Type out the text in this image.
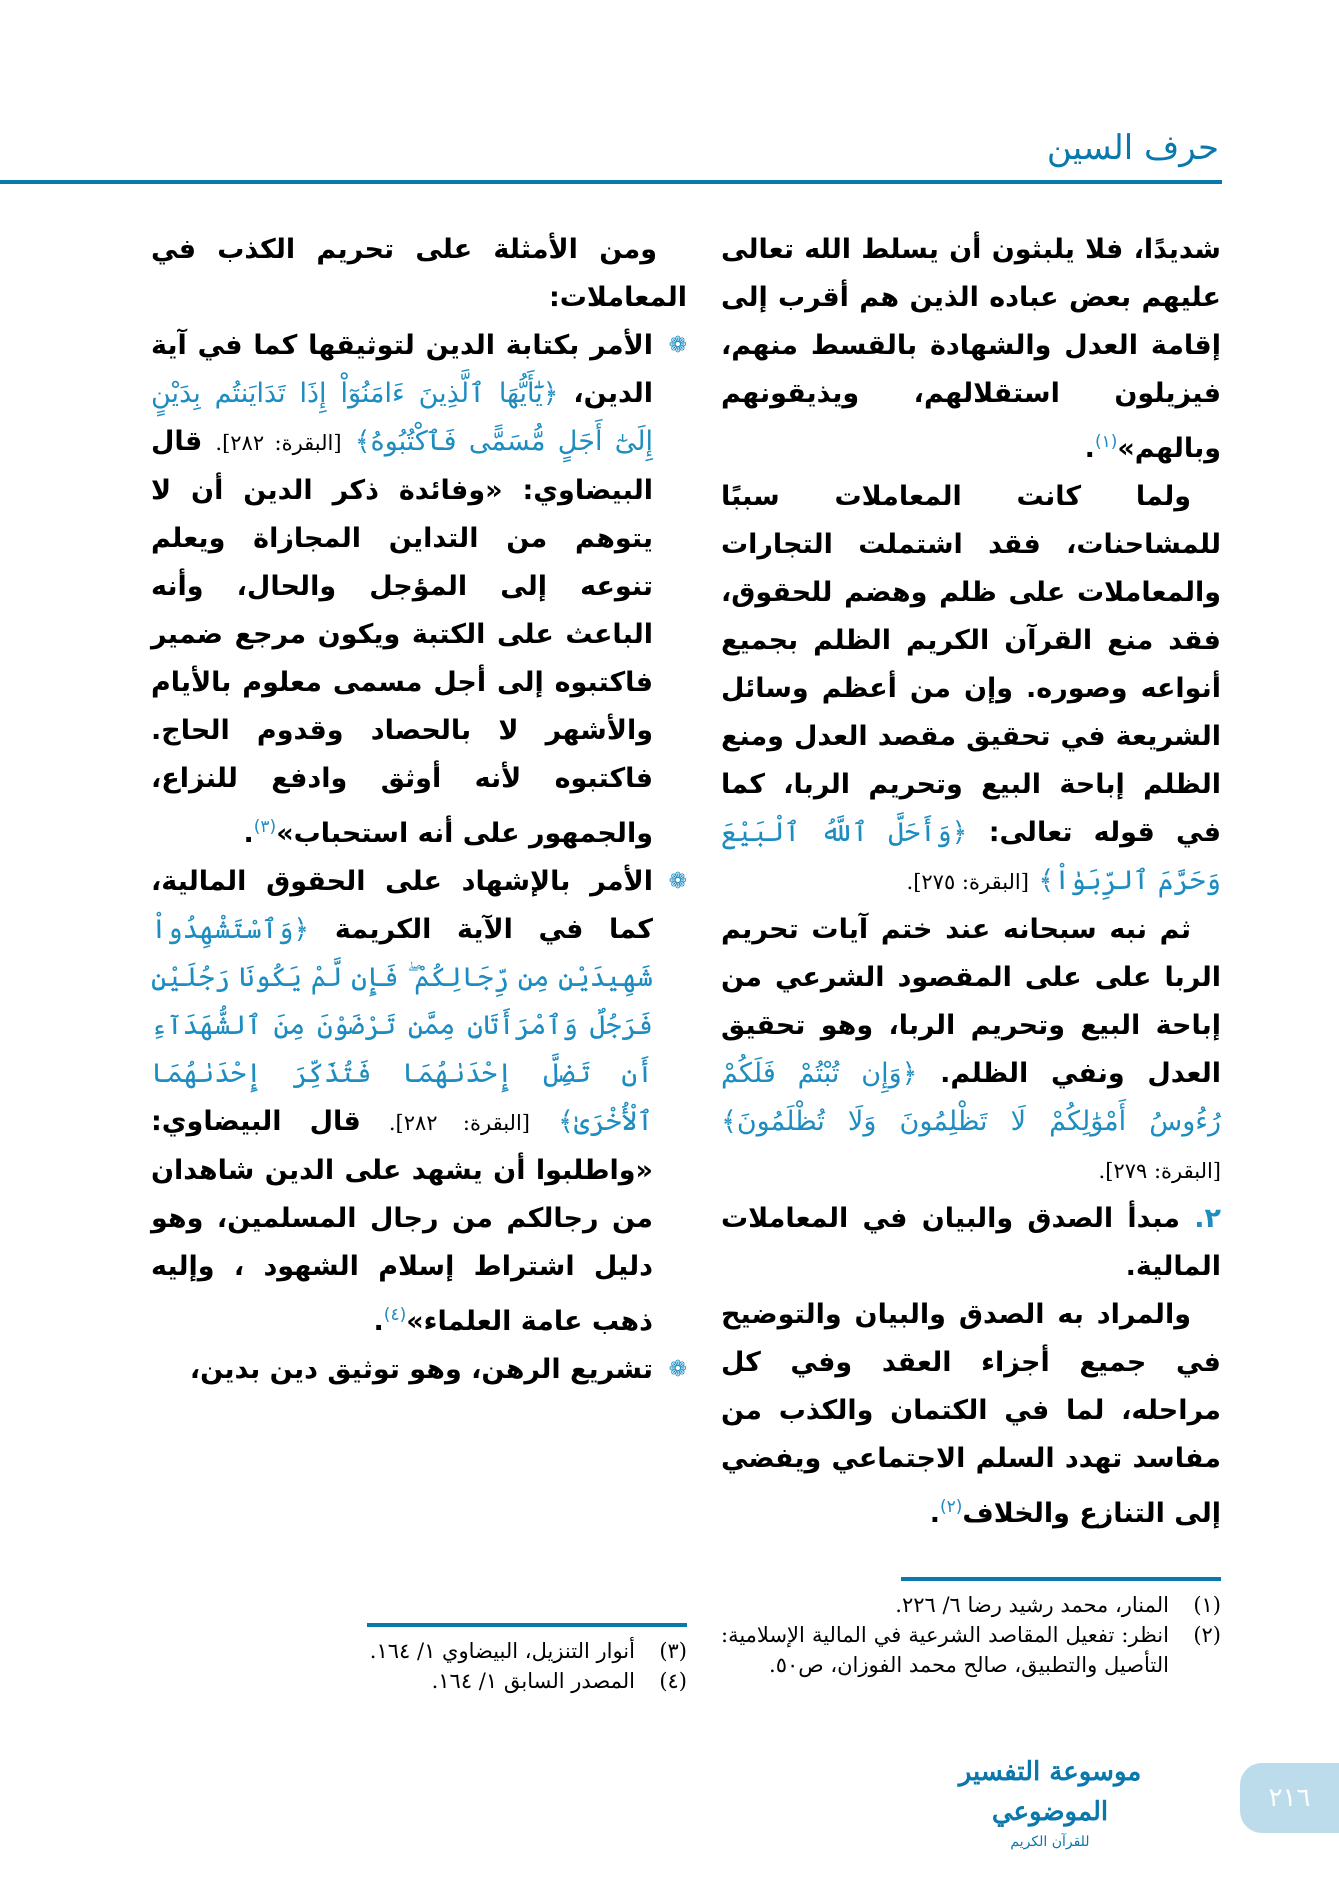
حرف السين

شديدًا، فلا يلبثون أن يسلط الله تعالى عليهم بعض عباده الذين هم أقرب إلى إقامة العدل والشهادة بالقسط منهم، فيزيلون استقلالهم، ويذيقونهم وبالهم»$^{(١)}$.

ولما كانت المعاملات سببًا للمشاحنات، فقد اشتملت التجارات والمعاملات على ظلم وهضم للحقوق، فقد منع القرآن الكريم الظلم بجميع أنواعه وصوره. وإن من أعظم وسائل الشريعة في تحقيق مقصد العدل ومنع الظلم إباحة البيع وتحريم الربا، كما في قوله تعالى: ﴿وَأَحَلَّ ٱللَّهُ ٱلْبَيْعَ وَحَرَّمَ ٱلرِّبَوٰاْ﴾ [البقرة: ٢٧٥].

ثم نبه سبحانه عند ختم آيات تحريم الربا على على المقصود الشرعي من إباحة البيع وتحريم الربا، وهو تحقيق العدل ونفي الظلم. ﴿وَإِن تُبْتُمْ فَلَكُمْ رُءُوسُ أَمْوَٰلِكُمْ لَا تَظْلِمُونَ وَلَا تُظْلَمُونَ﴾ [البقرة: ٢٧٩].

٢. مبدأ الصدق والبيان في المعاملات المالية.

والمراد به الصدق والبيان والتوضيح في جميع أجزاء العقد وفي كل مراحله، لما في الكتمان والكذب من مفاسد تهدد السلم الاجتماعي ويفضي إلى التنازع والخلاف$^{(٢)}$.

ومن الأمثلة على تحريم الكذب في المعاملات:

❁
الأمر بكتابة الدين لتوثيقها كما في آية الدين، ﴿يَٰٓأَيُّهَا ٱلَّذِينَ ءَامَنُوٓاْ إِذَا تَدَايَنتُم بِدَيْنٍ إِلَىٰٓ أَجَلٍ مُّسَمًّى فَٱكْتُبُوهُ﴾ [البقرة: ٢٨٢]. قال البيضاوي: «وفائدة ذكر الدين أن لا يتوهم من التداين المجازاة ويعلم تنوعه إلى المؤجل والحال، وأنه الباعث على الكتبة ويكون مرجع ضمير فاكتبوه إلى أجل مسمى معلوم بالأيام والأشهر لا بالحصاد وقدوم الحاج. فاكتبوه لأنه أوثق وادفع للنزاع، والجمهور على أنه استحباب»$^{(٣)}$.
❁
الأمر بالإشهاد على الحقوق المالية، كما في الآية الكريمة ﴿وَٱسْتَشْهِدُواْ شَهِيدَيْنِ مِن رِّجَالِكُمْ ۖ فَإِن لَّمْ يَكُونَا رَجُلَيْنِ فَرَجُلٌ وَٱمْرَأَتَانِ مِمَّن تَرْضَوْنَ مِنَ ٱلشُّهَدَآءِ أَن تَضِلَّ إِحْدَىٰهُمَا فَتُذَكِّرَ إِحْدَىٰهُمَا ٱلْأُخْرَىٰ﴾ [البقرة: ٢٨٢]. قال البيضاوي: «واطلبوا أن يشهد على الدين شاهدان من رجالكم من رجال المسلمين، وهو دليل اشتراط إسلام الشهود ، وإليه ذهب عامة العلماء»$^{(٤)}$.
❁
تشريع الرهن، وهو توثيق دين بدين،
(١)
المنار، محمد رشيد رضا ٦/ ٢٢٦.
(٢)
انظر: تفعيل المقاصد الشرعية في المالية الإسلامية: التأصيل والتطبيق، صالح محمد الفوزان، ص٥٠.
(٣)
أنوار التنزيل، البيضاوي ١/ ١٦٤.
(٤)
المصدر السابق ١/ ١٦٤.
موسوعة التفسير الموضوعي
للقرآن الكريم
٢١٦
